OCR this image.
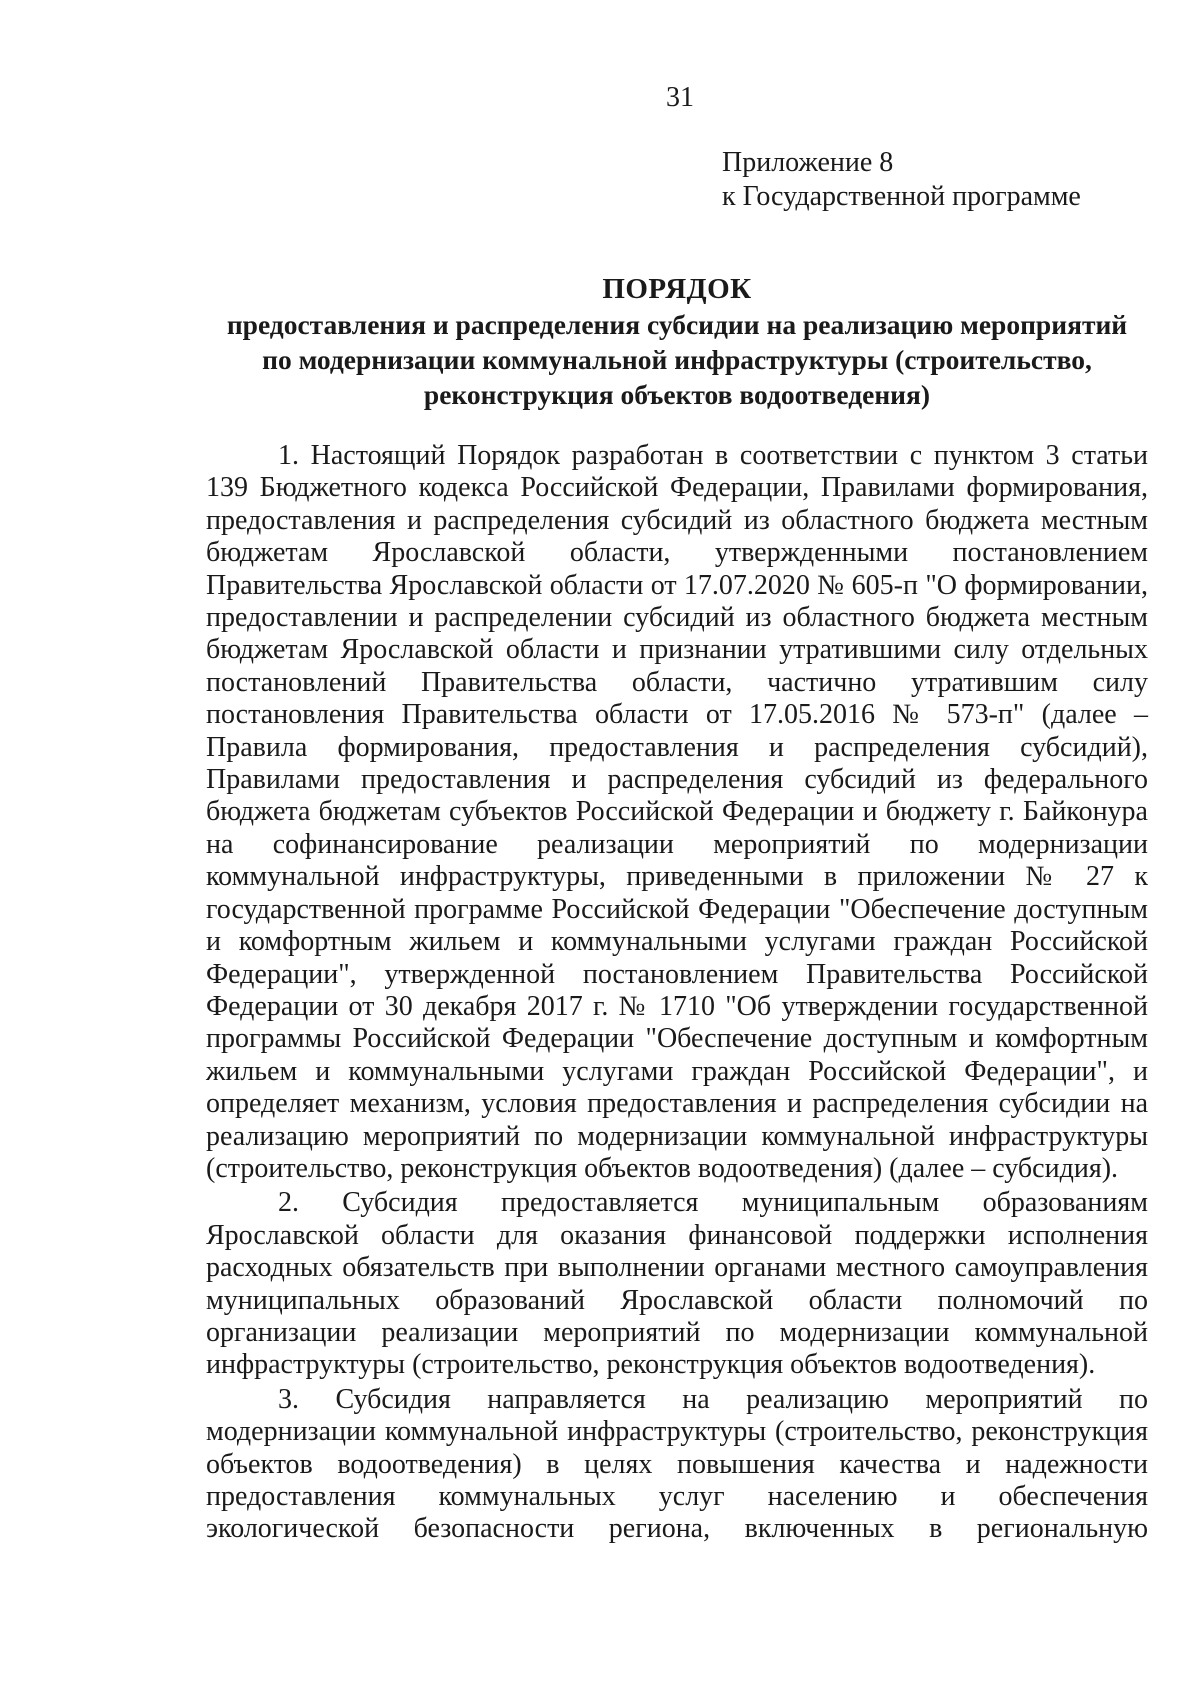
31
Приложение 8
к Государственной программе
ПОРЯДОК
предоставления и распределения субсидии на реализацию мероприятий
по модернизации коммунальной инфраструктуры (строительство,
реконструкция объектов водоотведения)

1. Настоящий Порядок разработан в соответствии с пунктом 3 статьи 139 Бюджетного кодекса Российской Федерации, Правилами формирования, предоставления и распределения субсидий из областного бюджета местным бюджетам Ярославской области, утвержденными постановлением Правительства Ярославской области от 17.07.2020 № 605-п "О формировании, предоставлении и распределении субсидий из областного бюджета местным бюджетам Ярославской области и признании утратившими силу отдельных постановлений Правительства области, частично утратившим силу постановления Правительства области от 17.05.2016 № 573-п" (далее – Правила формирования, предоставления и распределения субсидий), Правилами предоставления и распределения субсидий из федерального бюджета бюджетам субъектов Российской Федерации и бюджету г. Байконура на софинансирование реализации мероприятий по модернизации коммунальной инфраструктуры, приведенными в приложении № 27 к государственной программе Российской Федерации "Обеспечение доступным и комфортным жильем и коммунальными услугами граждан Российской Федерации", утвержденной постановлением Правительства Российской Федерации от 30 декабря 2017 г. № 1710 "Об утверждении государственной программы Российской Федерации "Обеспечение доступным и комфортным жильем и коммунальными услугами граждан Российской Федерации", и определяет механизм, условия предоставления и распределения субсидии на реализацию мероприятий по модернизации коммунальной инфраструктуры (строительство, реконструкция объектов водоотведения) (далее – субсидия).

2. Субсидия предоставляется муниципальным образованиям Ярославской области для оказания финансовой поддержки исполнения расходных обязательств при выполнении органами местного самоуправления муниципальных образований Ярославской области полномочий по организации реализации мероприятий по модернизации коммунальной инфраструктуры (строительство, реконструкция объектов водоотведения).

3. Субсидия направляется на реализацию мероприятий по модернизации коммунальной инфраструктуры (строительство, реконструкция объектов водоотведения) в целях повышения качества и надежности предоставления коммунальных услуг населению и обеспечения экологической безопасности региона, включенных в региональную
